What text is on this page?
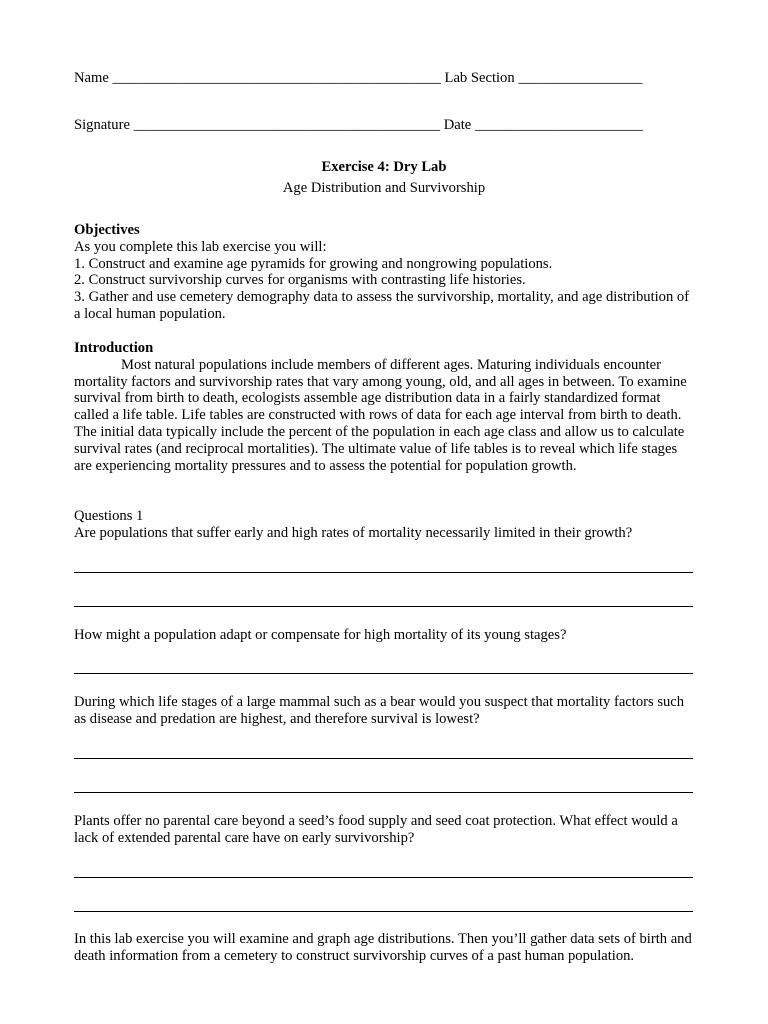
Name _____________________________________________ Lab Section _________________
Signature __________________________________________ Date _______________________
Exercise 4: Dry Lab
Age Distribution and Survivorship
Objectives
As you complete this lab exercise you will:
1. Construct and examine age pyramids for growing and nongrowing populations.
2. Construct survivorship curves for organisms with contrasting life histories.
3. Gather and use cemetery demography data to assess the survivorship, mortality, and age distribution of a local human population.
Introduction
Most natural populations include members of different ages. Maturing individuals encounter mortality factors and survivorship rates that vary among young, old, and all ages in between. To examine survival from birth to death, ecologists assemble age distribution data in a fairly standardized format called a life table. Life tables are constructed with rows of data for each age interval from birth to death. The initial data typically include the percent of the population in each age class and allow us to calculate survival rates (and reciprocal mortalities). The ultimate value of life tables is to reveal which life stages are experiencing mortality pressures and to assess the potential for population growth.
Questions 1
Are populations that suffer early and high rates of mortality necessarily limited in their growth?
How might a population adapt or compensate for high mortality of its young stages?
During which life stages of a large mammal such as a bear would you suspect that mortality factors such as disease and predation are highest, and therefore survival is lowest?
Plants offer no parental care beyond a seed’s food supply and seed coat protection. What effect would a lack of extended parental care have on early survivorship?
In this lab exercise you will examine and graph age distributions. Then you’ll gather data sets of birth and death information from a cemetery to construct survivorship curves of a past human population.
